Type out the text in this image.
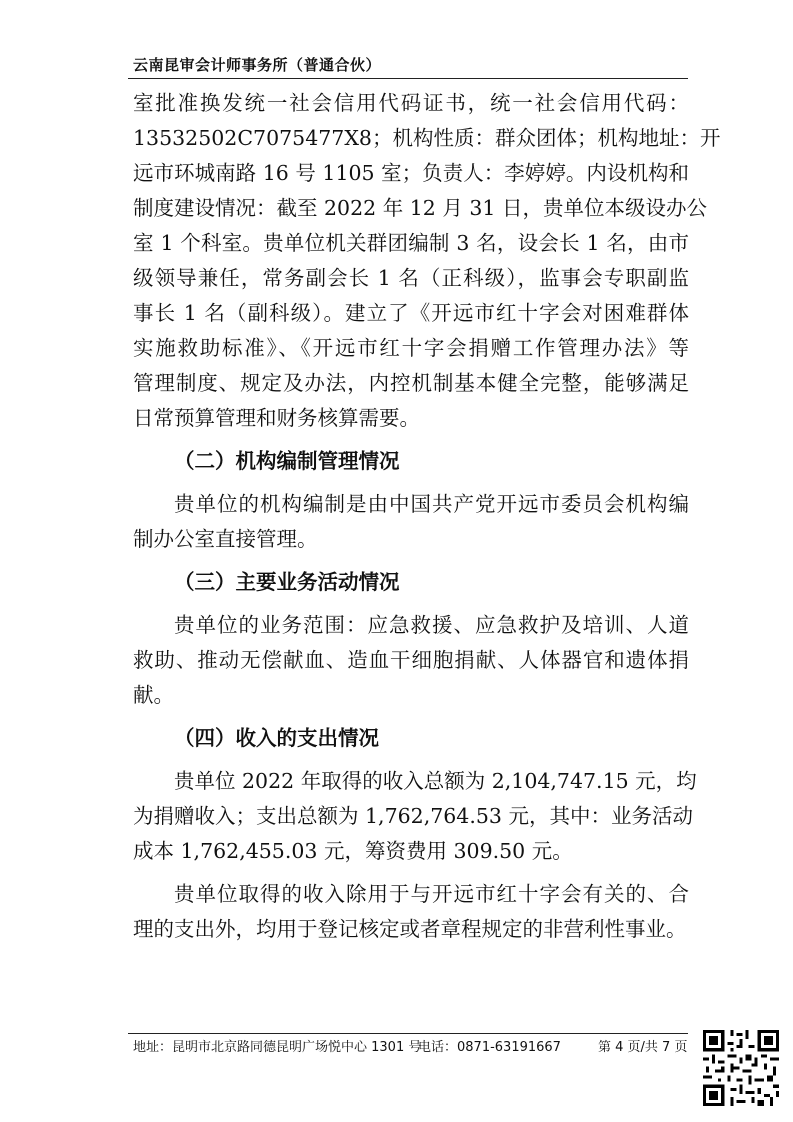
云南昆审会计师事务所（普通合伙）
室批准换发统一社会信用代码证书，统一社会信用代码：
13532502C7075477X8；机构性质：群众团体；机构地址：开
远市环城南路 16 号 1105 室；负责人：李婷婷。内设机构和
制度建设情况：截至 2022 年 12 月 31 日，贵单位本级设办公
室 1 个科室。贵单位机关群团编制 3 名，设会长 1 名，由市
级领导兼任，常务副会长 1 名（正科级），监事会专职副监
事长 1 名（副科级）。建立了《开远市红十字会对困难群体
实施救助标准》、《开远市红十字会捐赠工作管理办法》等
管理制度、规定及办法，内控机制基本健全完整，能够满足
日常预算管理和财务核算需要。
（二）机构编制管理情况
贵单位的机构编制是由中国共产党开远市委员会机构编
制办公室直接管理。
（三）主要业务活动情况
贵单位的业务范围：应急救援、应急救护及培训、人道
救助、推动无偿献血、造血干细胞捐献、人体器官和遗体捐
献。
（四）收入的支出情况
贵单位 2022 年取得的收入总额为 2,104,747.15 元，均
为捐赠收入；支出总额为 1,762,764.53 元，其中：业务活动
成本 1,762,455.03 元，筹资费用 309.50 元。
贵单位取得的收入除用于与开远市红十字会有关的、合
理的支出外，均用于登记核定或者章程规定的非营利性事业。
地址：昆明市北京路同德昆明广场悦中心 1301 号
电话：0871-63191667	第 4 页/共 7 页
